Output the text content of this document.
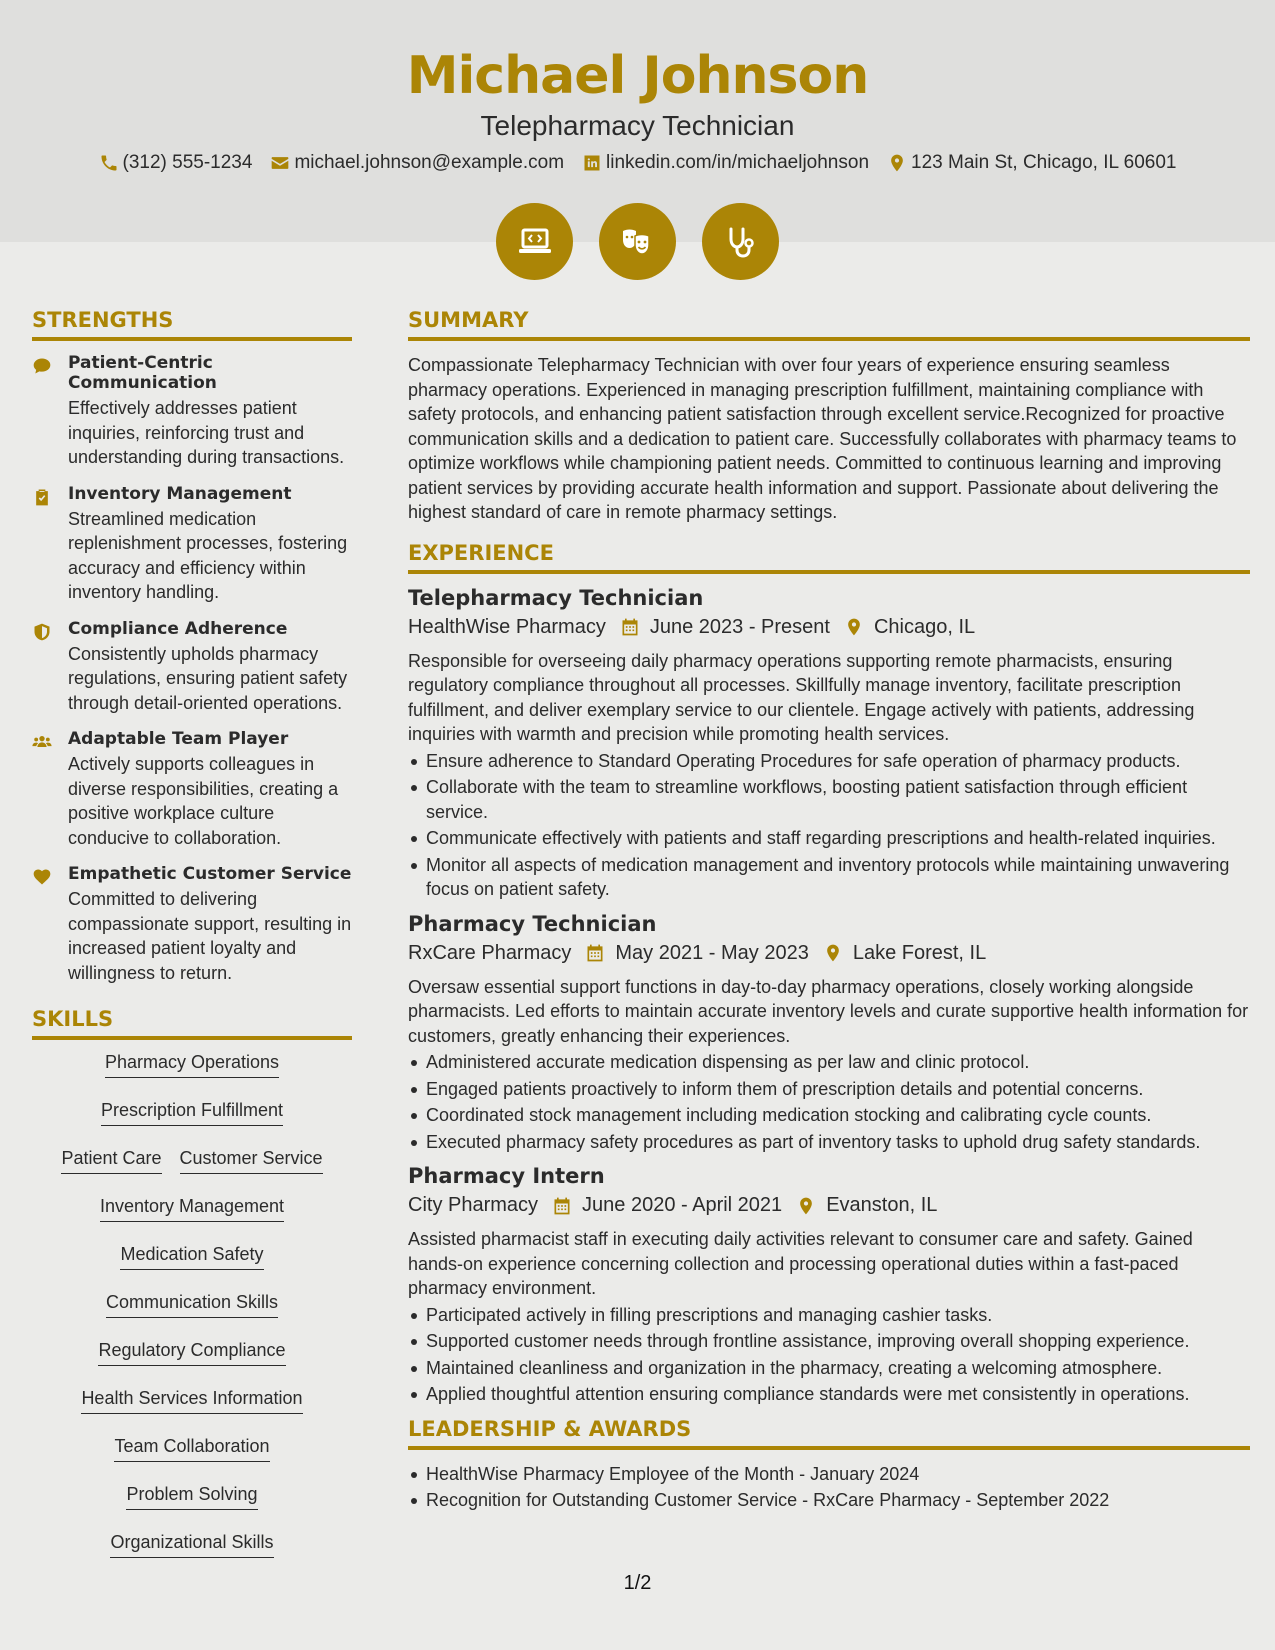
Michael Johnson
Telepharmacy Technician
(312) 555-1234 michael.johnson@example.com linkedin.com/in/michaeljohnson 123 Main St, Chicago, IL 60601
STRENGTHS
Patient-Centric Communication
Effectively addresses patient inquiries, reinforcing trust and understanding during transactions.
Inventory Management
Streamlined medication replenishment processes, fostering accuracy and efficiency within inventory handling.
Compliance Adherence
Consistently upholds pharmacy regulations, ensuring patient safety through detail-oriented operations.
Adaptable Team Player
Actively supports colleagues in diverse responsibilities, creating a positive workplace culture conducive to collaboration.
Empathetic Customer Service
Committed to delivering compassionate support, resulting in increased patient loyalty and willingness to return.
SKILLS
Pharmacy Operations
Prescription Fulfillment
Patient Care Customer Service
Inventory Management
Medication Safety
Communication Skills
Regulatory Compliance
Health Services Information
Team Collaboration
Problem Solving
Organizational Skills
SUMMARY
Compassionate Telepharmacy Technician with over four years of experience ensuring seamless pharmacy operations. Experienced in managing prescription fulfillment, maintaining compliance with safety protocols, and enhancing patient satisfaction through excellent service.Recognized for proactive communication skills and a dedication to patient care. Successfully collaborates with pharmacy teams to optimize workflows while championing patient needs. Committed to continuous learning and improving patient services by providing accurate health information and support. Passionate about delivering the highest standard of care in remote pharmacy settings.
EXPERIENCE
Telepharmacy Technician
HealthWise Pharmacy June 2023 - Present Chicago, IL
Responsible for overseeing daily pharmacy operations supporting remote pharmacists, ensuring regulatory compliance throughout all processes. Skillfully manage inventory, facilitate prescription fulfillment, and deliver exemplary service to our clientele. Engage actively with patients, addressing inquiries with warmth and precision while promoting health services.
Ensure adherence to Standard Operating Procedures for safe operation of pharmacy products.
Collaborate with the team to streamline workflows, boosting patient satisfaction through efficient service.
Communicate effectively with patients and staff regarding prescriptions and health-related inquiries.
Monitor all aspects of medication management and inventory protocols while maintaining unwavering focus on patient safety.
Pharmacy Technician
RxCare Pharmacy May 2021 - May 2023 Lake Forest, IL
Oversaw essential support functions in day-to-day pharmacy operations, closely working alongside pharmacists. Led efforts to maintain accurate inventory levels and curate supportive health information for customers, greatly enhancing their experiences.
Administered accurate medication dispensing as per law and clinic protocol.
Engaged patients proactively to inform them of prescription details and potential concerns.
Coordinated stock management including medication stocking and calibrating cycle counts.
Executed pharmacy safety procedures as part of inventory tasks to uphold drug safety standards.
Pharmacy Intern
City Pharmacy June 2020 - April 2021 Evanston, IL
Assisted pharmacist staff in executing daily activities relevant to consumer care and safety. Gained hands-on experience concerning collection and processing operational duties within a fast-paced pharmacy environment.
Participated actively in filling prescriptions and managing cashier tasks.
Supported customer needs through frontline assistance, improving overall shopping experience.
Maintained cleanliness and organization in the pharmacy, creating a welcoming atmosphere.
Applied thoughtful attention ensuring compliance standards were met consistently in operations.
LEADERSHIP & AWARDS
HealthWise Pharmacy Employee of the Month - January 2024
Recognition for Outstanding Customer Service - RxCare Pharmacy - September 2022
1/2
